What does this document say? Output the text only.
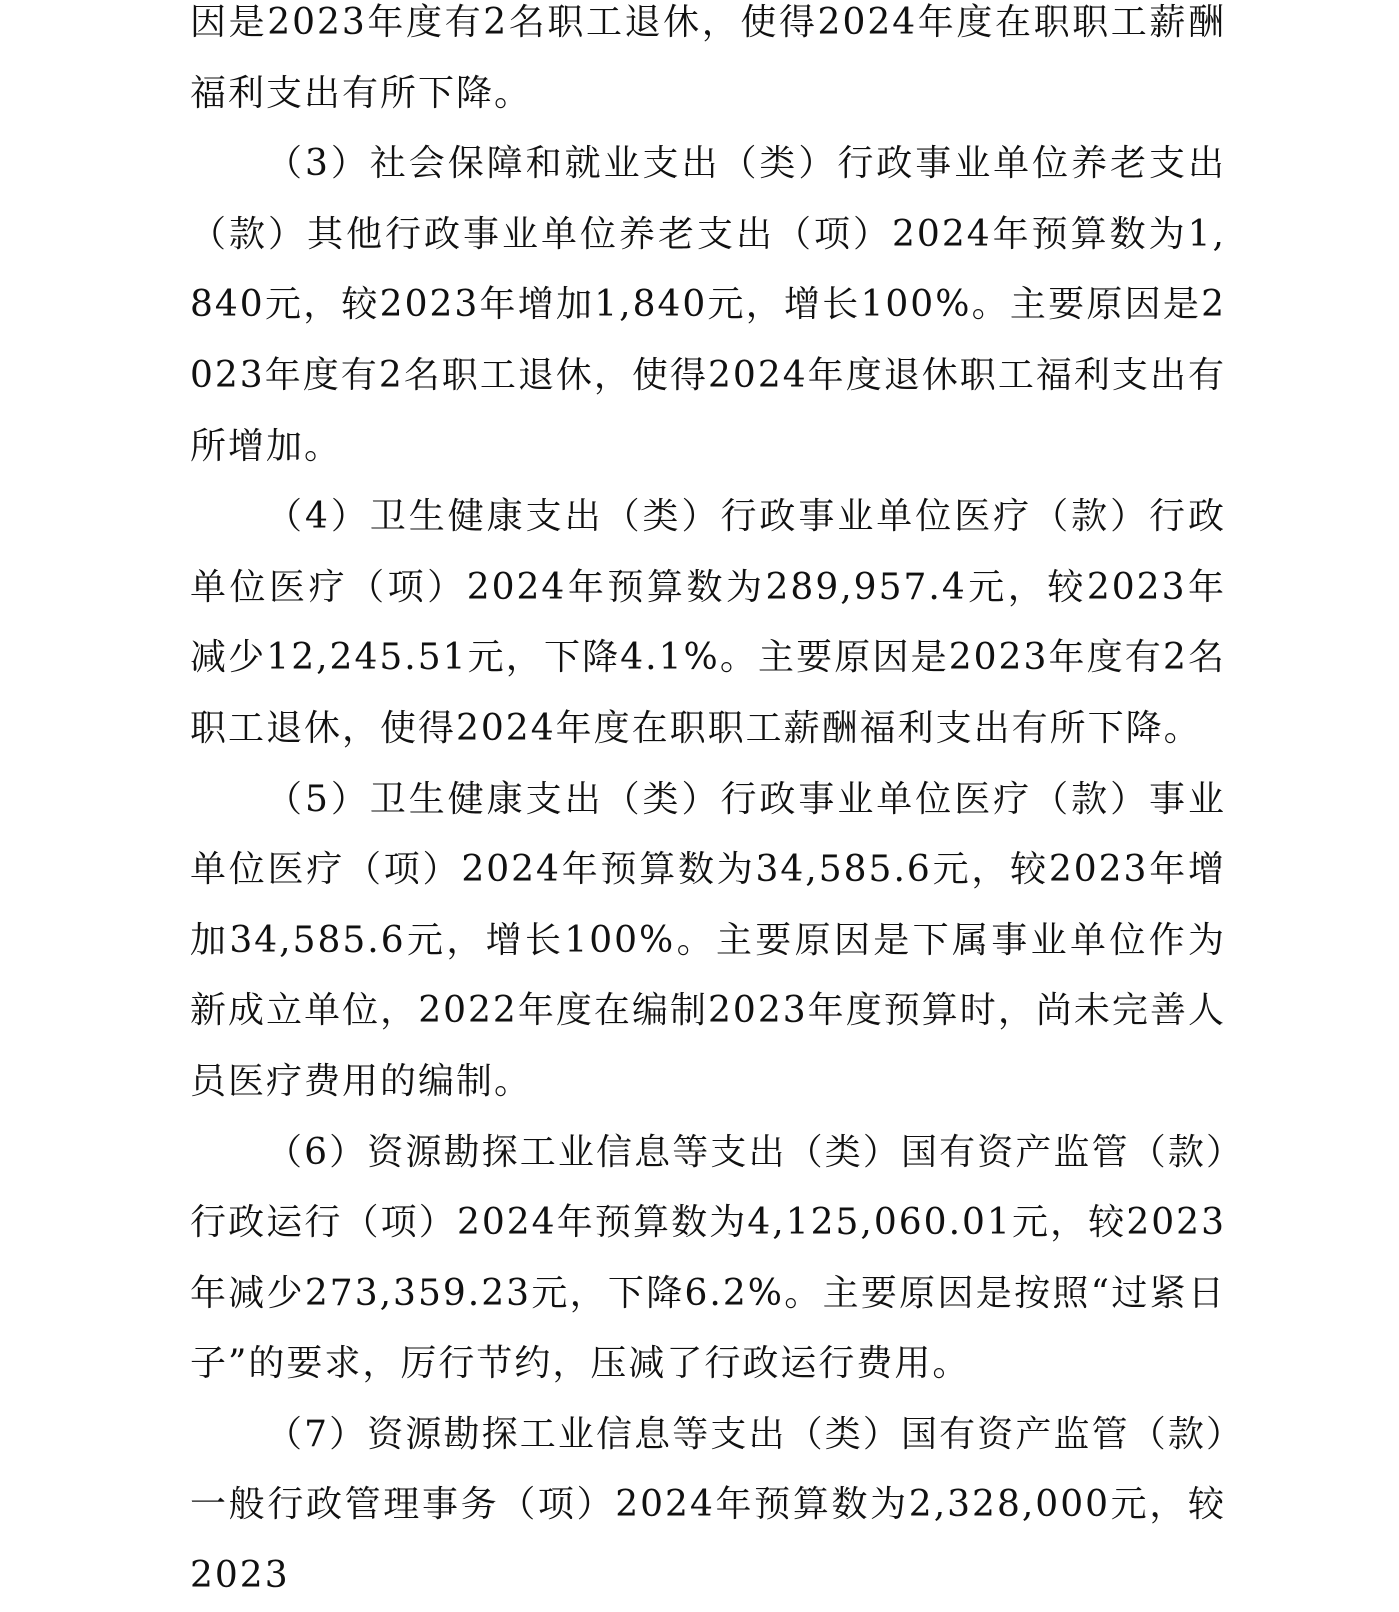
因是2023年度有2名职工退休，使得2024年度在职职工薪酬福利支出有所下降。

（3）社会保障和就业支出（类）行政事业单位养老支出（款）其他行政事业单位养老支出（项）2024年预算数为1,840元，较2023年增加1,840元，增长100%。主要原因是2023年度有2名职工退休，使得2024年度退休职工福利支出有所增加。

（4）卫生健康支出（类）行政事业单位医疗（款）行政单位医疗（项）2024年预算数为289,957.4元，较2023年减少12,245.51元，下降4.1%。主要原因是2023年度有2名职工退休，使得2024年度在职职工薪酬福利支出有所下降。

（5）卫生健康支出（类）行政事业单位医疗（款）事业单位医疗（项）2024年预算数为34,585.6元，较2023年增加34,585.6元，增长100%。主要原因是下属事业单位作为新成立单位，2022年度在编制2023年度预算时，尚未完善人员医疗费用的编制。

（6）资源勘探工业信息等支出（类）国有资产监管（款）行政运行（项）2024年预算数为4,125,060.01元，较2023年减少273,359.23元，下降6.2%。主要原因是按照“过紧日子”的要求，厉行节约，压减了行政运行费用。

（7）资源勘探工业信息等支出（类）国有资产监管（款）一般行政管理事务（项）2024年预算数为2,328,000元，较2023
